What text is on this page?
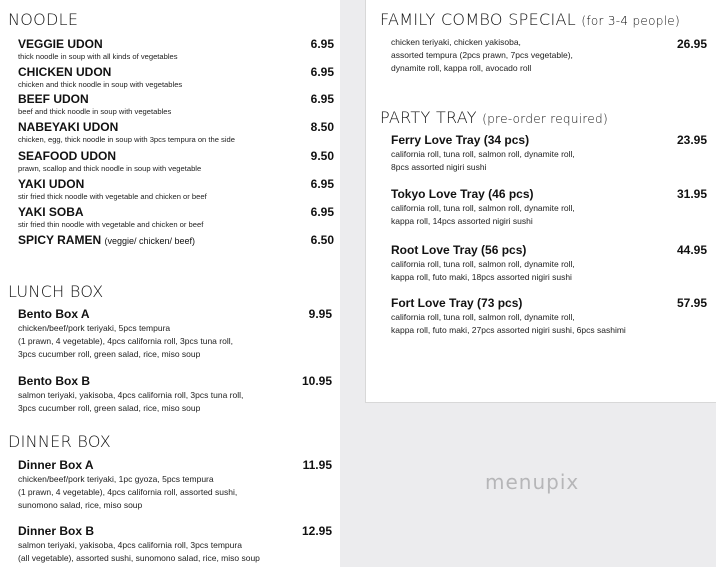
NOODLE
VEGGIE UDON	6.95
thick noodle in soup with all kinds of vegetables
CHICKEN UDON	6.95
chicken and thick noodle in soup with vegetables
BEEF UDON	6.95
beef and thick noodle in soup with vegetables
NABEYAKI UDON	8.50
chicken, egg, thick noodle in soup with 3pcs tempura on the side
SEAFOOD UDON	9.50
prawn, scallop and thick noodle in soup with vegetable
YAKI UDON	6.95
stir fried thick noodle with vegetable and chicken or beef
YAKI SOBA	6.95
stir fried thin noodle with vegetable and chicken or beef
SPICY RAMEN (veggie/ chicken/ beef)	6.50
LUNCH BOX
Bento Box A	9.95
chicken/beef/pork teriyaki, 5pcs tempura
(1 prawn, 4 vegetable), 4pcs california roll, 3pcs tuna roll,
3pcs cucumber roll, green salad, rice, miso soup
Bento Box B	10.95
salmon teriyaki, yakisoba, 4pcs california roll, 3pcs tuna roll,
3pcs cucumber roll, green salad, rice, miso soup
DINNER BOX
Dinner Box A	11.95
chicken/beef/pork teriyaki, 1pc gyoza, 5pcs tempura
(1 prawn, 4 vegetable), 4pcs california roll, assorted sushi,
sunomono salad, rice, miso soup
Dinner Box B	12.95
salmon teriyaki, yakisoba, 4pcs california roll, 3pcs tempura
(all vegetable), assorted sushi, sunomono salad, rice, miso soup
FAMILY COMBO SPECIAL (for 3-4 people)
26.95
chicken teriyaki, chicken yakisoba,
assorted tempura (2pcs prawn, 7pcs vegetable),
dynamite roll, kappa roll, avocado roll
PARTY TRAY (pre-order required)
Ferry Love Tray (34 pcs)	23.95
california roll, tuna roll, salmon roll, dynamite roll,
8pcs assorted nigiri sushi
Tokyo Love Tray (46 pcs)	31.95
california roll, tuna roll, salmon roll, dynamite roll,
kappa roll, 14pcs assorted nigiri sushi
Root Love Tray (56 pcs)	44.95
california roll, tuna roll, salmon roll, dynamite roll,
kappa roll, futo maki, 18pcs assorted nigiri sushi
Fort Love Tray (73 pcs)	57.95
california roll, tuna roll, salmon roll, dynamite roll,
kappa roll, futo maki, 27pcs assorted nigiri sushi, 6pcs sashimi
menupix
